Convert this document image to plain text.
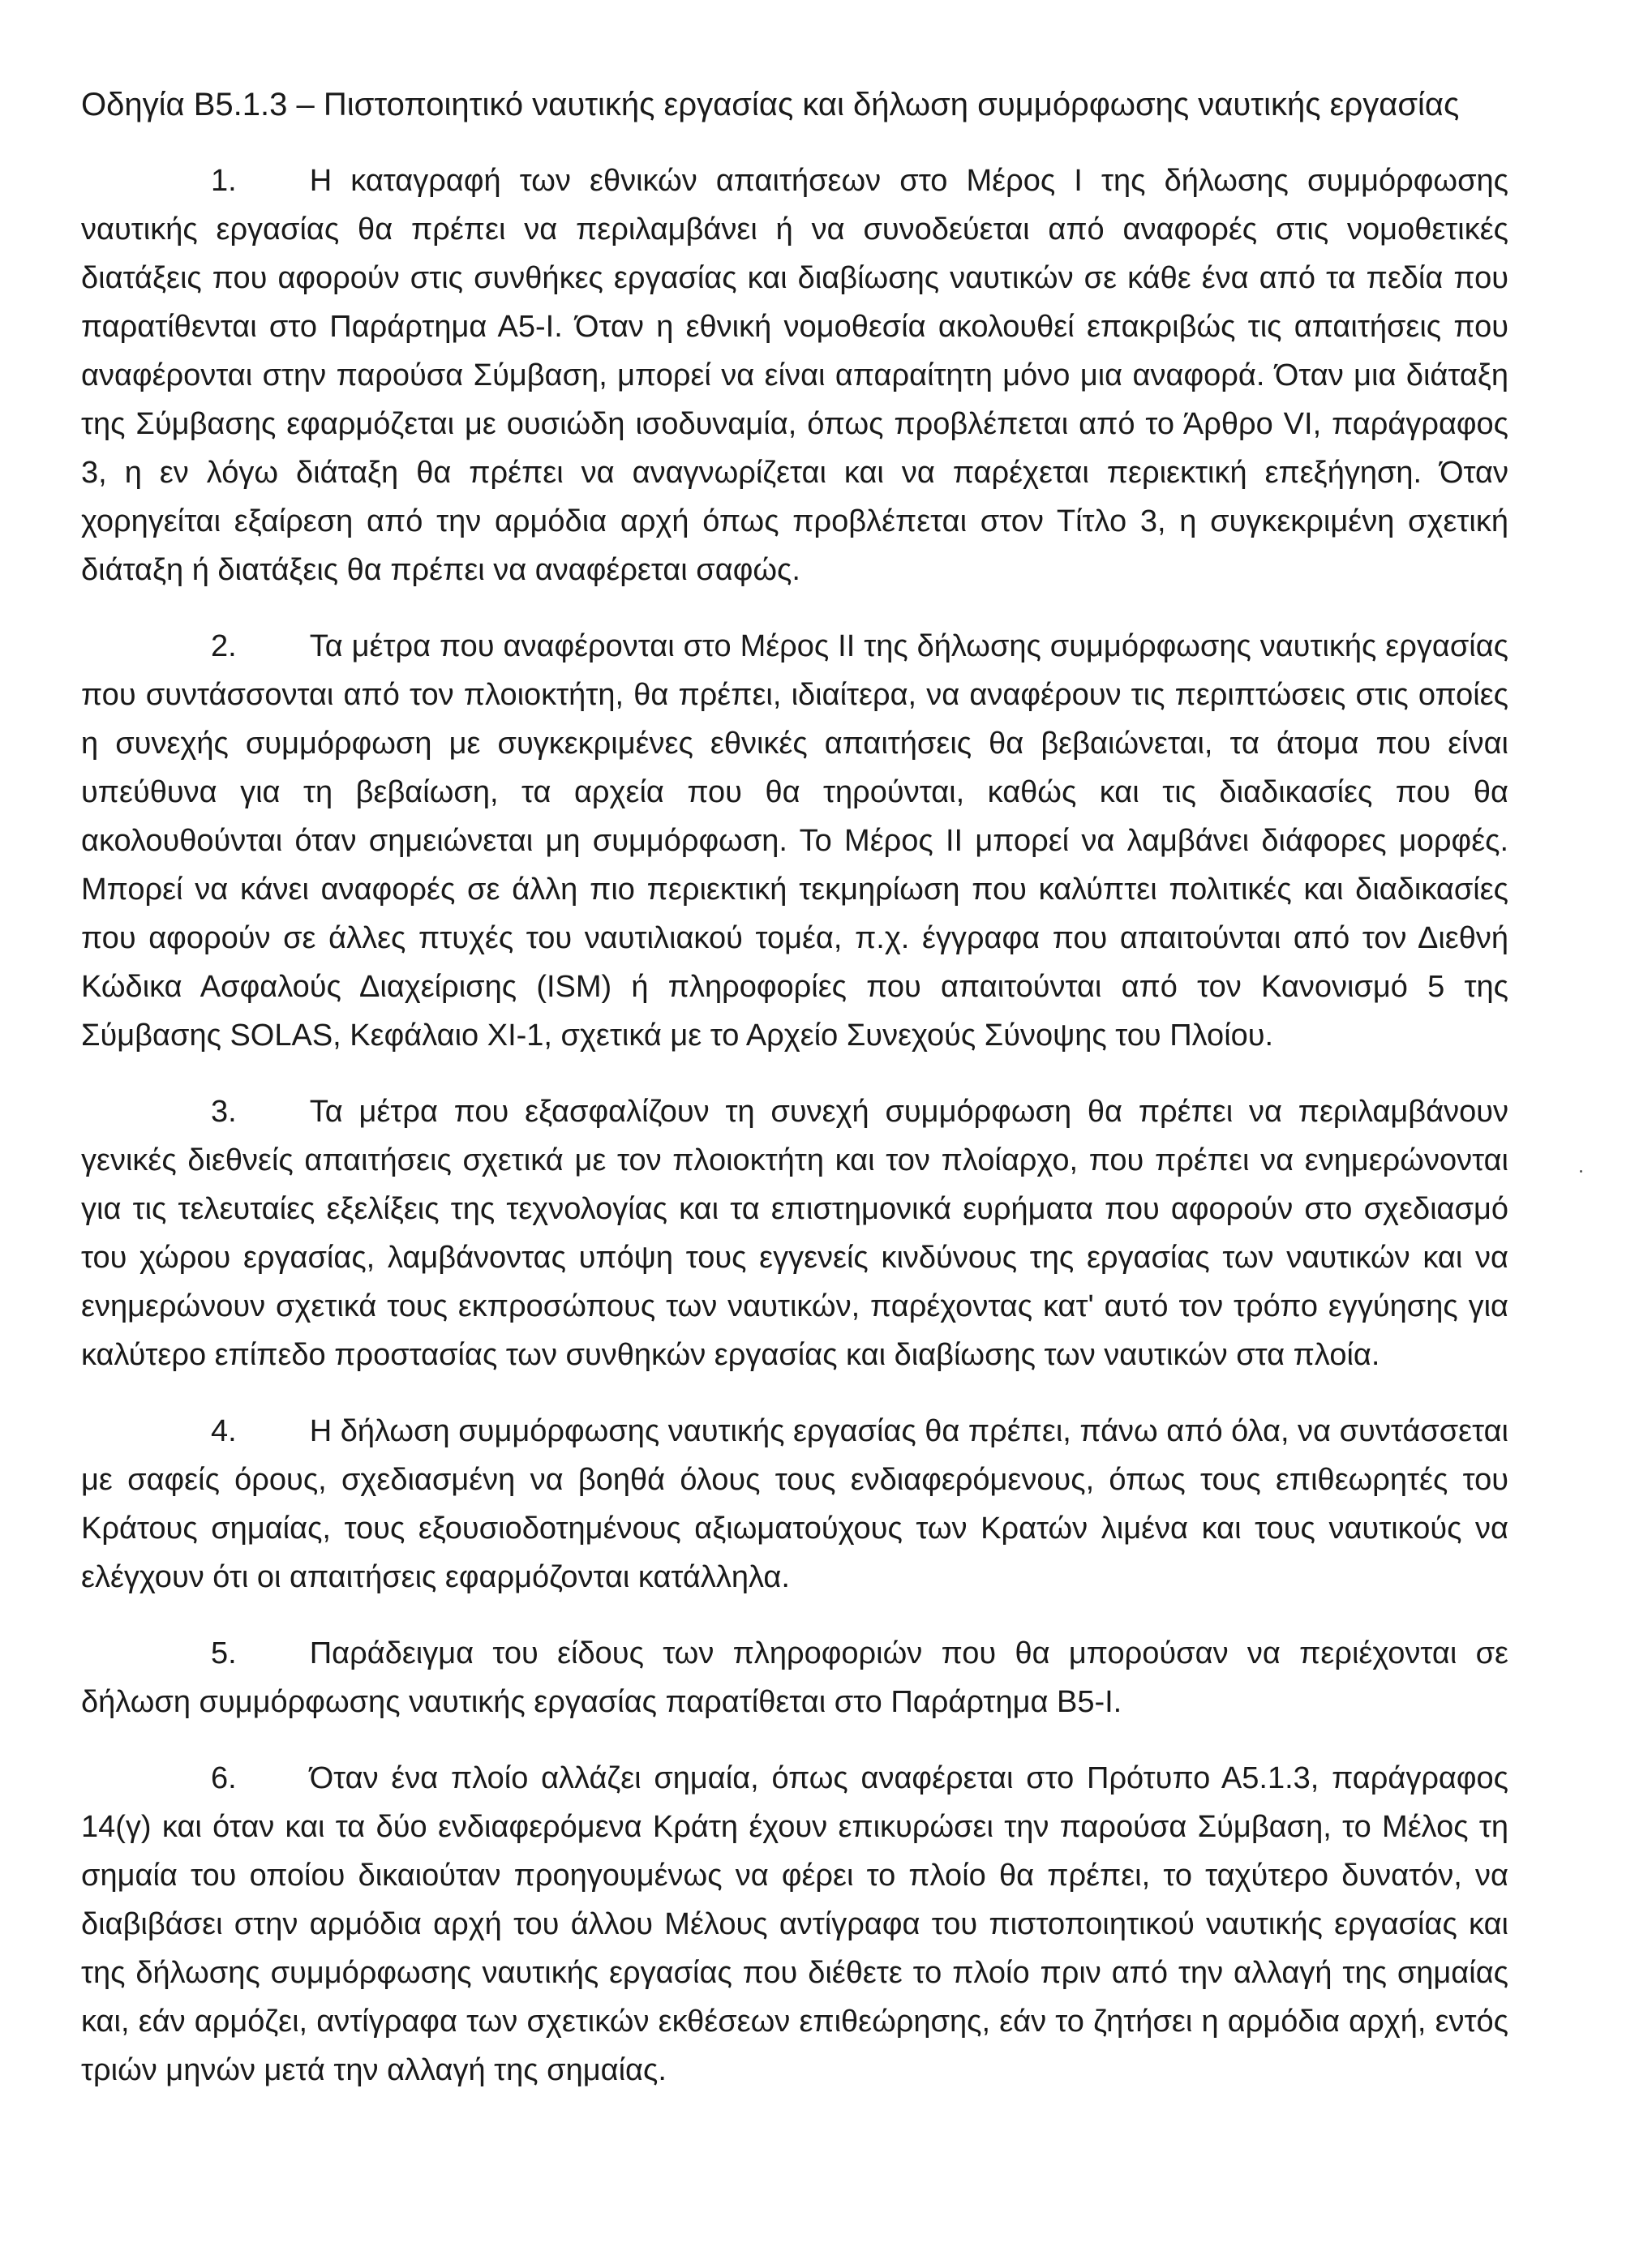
Οδηγία Β5.1.3 – Πιστοποιητικό ναυτικής εργασίας και δήλωση συμμόρφωσης ναυτικής εργασίας

1. Η καταγραφή των εθνικών απαιτήσεων στο Μέρος Ι της δήλωσης συμμόρφωσης ναυτικής εργασίας θα πρέπει να περιλαμβάνει ή να συνοδεύεται από αναφορές στις νομοθετικές διατάξεις που αφορούν στις συνθήκες εργασίας και διαβίωσης ναυτικών σε κάθε ένα από τα πεδία που παρατίθενται στο Παράρτημα Α5-Ι. Όταν η εθνική νομοθεσία ακολουθεί επακριβώς τις απαιτήσεις που αναφέρονται στην παρούσα Σύμβαση, μπορεί να είναι απαραίτητη μόνο μια αναφορά. Όταν μια διάταξη της Σύμβασης εφαρμόζεται με ουσιώδη ισοδυναμία, όπως προβλέπεται από το Άρθρο VI, παράγραφος 3, η εν λόγω διάταξη θα πρέπει να αναγνωρίζεται και να παρέχεται περιεκτική επεξήγηση. Όταν χορηγείται εξαίρεση από την αρμόδια αρχή όπως προβλέπεται στον Τίτλο 3, η συγκεκριμένη σχετική διάταξη ή διατάξεις θα πρέπει να αναφέρεται σαφώς.

2. Τα μέτρα που αναφέρονται στο Μέρος ΙΙ της δήλωσης συμμόρφωσης ναυτικής εργασίας που συντάσσονται από τον πλοιοκτήτη, θα πρέπει, ιδιαίτερα, να αναφέρουν τις περιπτώσεις στις οποίες η συνεχής συμμόρφωση με συγκεκριμένες εθνικές απαιτήσεις θα βεβαιώνεται, τα άτομα που είναι υπεύθυνα για τη βεβαίωση, τα αρχεία που θα τηρούνται, καθώς και τις διαδικασίες που θα ακολουθούνται όταν σημειώνεται μη συμμόρφωση. Το Μέρος ΙΙ μπορεί να λαμβάνει διάφορες μορφές. Μπορεί να κάνει αναφορές σε άλλη πιο περιεκτική τεκμηρίωση που καλύπτει πολιτικές και διαδικασίες που αφορούν σε άλλες πτυχές του ναυτιλιακού τομέα, π.χ. έγγραφα που απαιτούνται από τον Διεθνή Κώδικα Ασφαλούς Διαχείρισης (ISM) ή πληροφορίες που απαιτούνται από τον Κανονισμό 5 της Σύμβασης SOLAS, Κεφάλαιο ΧΙ-1, σχετικά με το Αρχείο Συνεχούς Σύνοψης του Πλοίου.

3. Τα μέτρα που εξασφαλίζουν τη συνεχή συμμόρφωση θα πρέπει να περιλαμβάνουν γενικές διεθνείς απαιτήσεις σχετικά με τον πλοιοκτήτη και τον πλοίαρχο, που πρέπει να ενημερώνονται για τις τελευταίες εξελίξεις της τεχνολογίας και τα επιστημονικά ευρήματα που αφορούν στο σχεδιασμό του χώρου εργασίας, λαμβάνοντας υπόψη τους εγγενείς κινδύνους της εργασίας των ναυτικών και να ενημερώνουν σχετικά τους εκπροσώπους των ναυτικών, παρέχοντας κατ' αυτό τον τρόπο εγγύησης για καλύτερο επίπεδο προστασίας των συνθηκών εργασίας και διαβίωσης των ναυτικών στα πλοία.

4. Η δήλωση συμμόρφωσης ναυτικής εργασίας θα πρέπει, πάνω από όλα, να συντάσσεται με σαφείς όρους, σχεδιασμένη να βοηθά όλους τους ενδιαφερόμενους, όπως τους επιθεωρητές του Κράτους σημαίας, τους εξουσιοδοτημένους αξιωματούχους των Κρατών λιμένα και τους ναυτικούς να ελέγχουν ότι οι απαιτήσεις εφαρμόζονται κατάλληλα.

5. Παράδειγμα του είδους των πληροφοριών που θα μπορούσαν να περιέχονται σε δήλωση συμμόρφωσης ναυτικής εργασίας παρατίθεται στο Παράρτημα Β5-Ι.

6. Όταν ένα πλοίο αλλάζει σημαία, όπως αναφέρεται στο Πρότυπο Α5.1.3, παράγραφος 14(γ) και όταν και τα δύο ενδιαφερόμενα Κράτη έχουν επικυρώσει την παρούσα Σύμβαση, το Μέλος τη σημαία του οποίου δικαιούταν προηγουμένως να φέρει το πλοίο θα πρέπει, το ταχύτερο δυνατόν, να διαβιβάσει στην αρμόδια αρχή του άλλου Μέλους αντίγραφα του πιστοποιητικού ναυτικής εργασίας και της δήλωσης συμμόρφωσης ναυτικής εργασίας που διέθετε το πλοίο πριν από την αλλαγή της σημαίας και, εάν αρμόζει, αντίγραφα των σχετικών εκθέσεων επιθεώρησης, εάν το ζητήσει η αρμόδια αρχή, εντός τριών μηνών μετά την αλλαγή της σημαίας.
